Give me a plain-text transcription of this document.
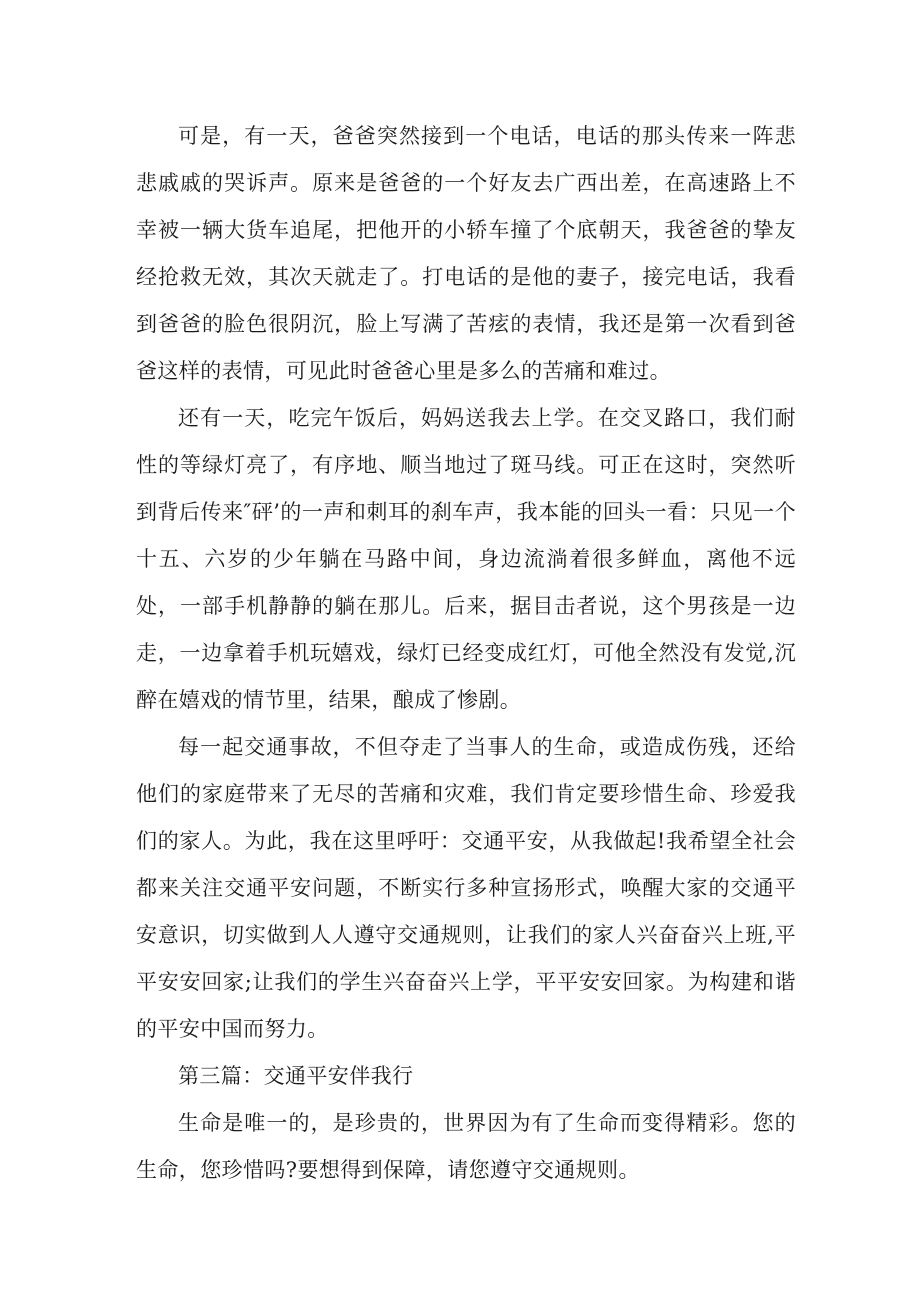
可是，有一天，爸爸突然接到一个电话，电话的那头传来一阵悲悲戚戚的哭诉声。原来是爸爸的一个好友去广西出差，在高速路上不幸被一辆大货车追尾，把他开的小轿车撞了个底朝天，我爸爸的挚友经抢救无效，其次天就走了。打电话的是他的妻子，接完电话，我看到爸爸的脸色很阴沉，脸上写满了苦痃的表情，我还是第一次看到爸爸这样的表情，可见此时爸爸心里是多么的苦痛和难过。

还有一天，吃完午饭后，妈妈送我去上学。在交叉路口，我们耐性的等绿灯亮了，有序地、顺当地过了斑马线。可正在这时，突然听到背后传来″砰’的一声和刺耳的刹车声，我本能的回头一看：只见一个十五、六岁的少年躺在马路中间，身边流淌着很多鲜血，离他不远处，一部手机静静的躺在那儿。后来，据目击者说，这个男孩是一边走，一边拿着手机玩嬉戏，绿灯已经变成红灯，可他全然没有发觉,沉醉在嬉戏的情节里，结果，酿成了惨剧。

每一起交通事故，不但夺走了当事人的生命，或造成伤残，还给他们的家庭带来了无尽的苦痛和灾难，我们肯定要珍惜生命、珍爱我们的家人。为此，我在这里呼吁：交通平安，从我做起!我希望全社会都来关注交通平安问题，不断实行多种宣扬形式，唤醒大家的交通平安意识，切实做到人人遵守交通规则，让我们的家人兴奋奋兴上班,平平安安回家;让我们的学生兴奋奋兴上学，平平安安回家。为构建和谐的平安中国而努力。

第三篇：交通平安伴我行

生命是唯一的，是珍贵的，世界因为有了生命而变得精彩。您的生命，您珍惜吗?要想得到保障，请您遵守交通规则。
